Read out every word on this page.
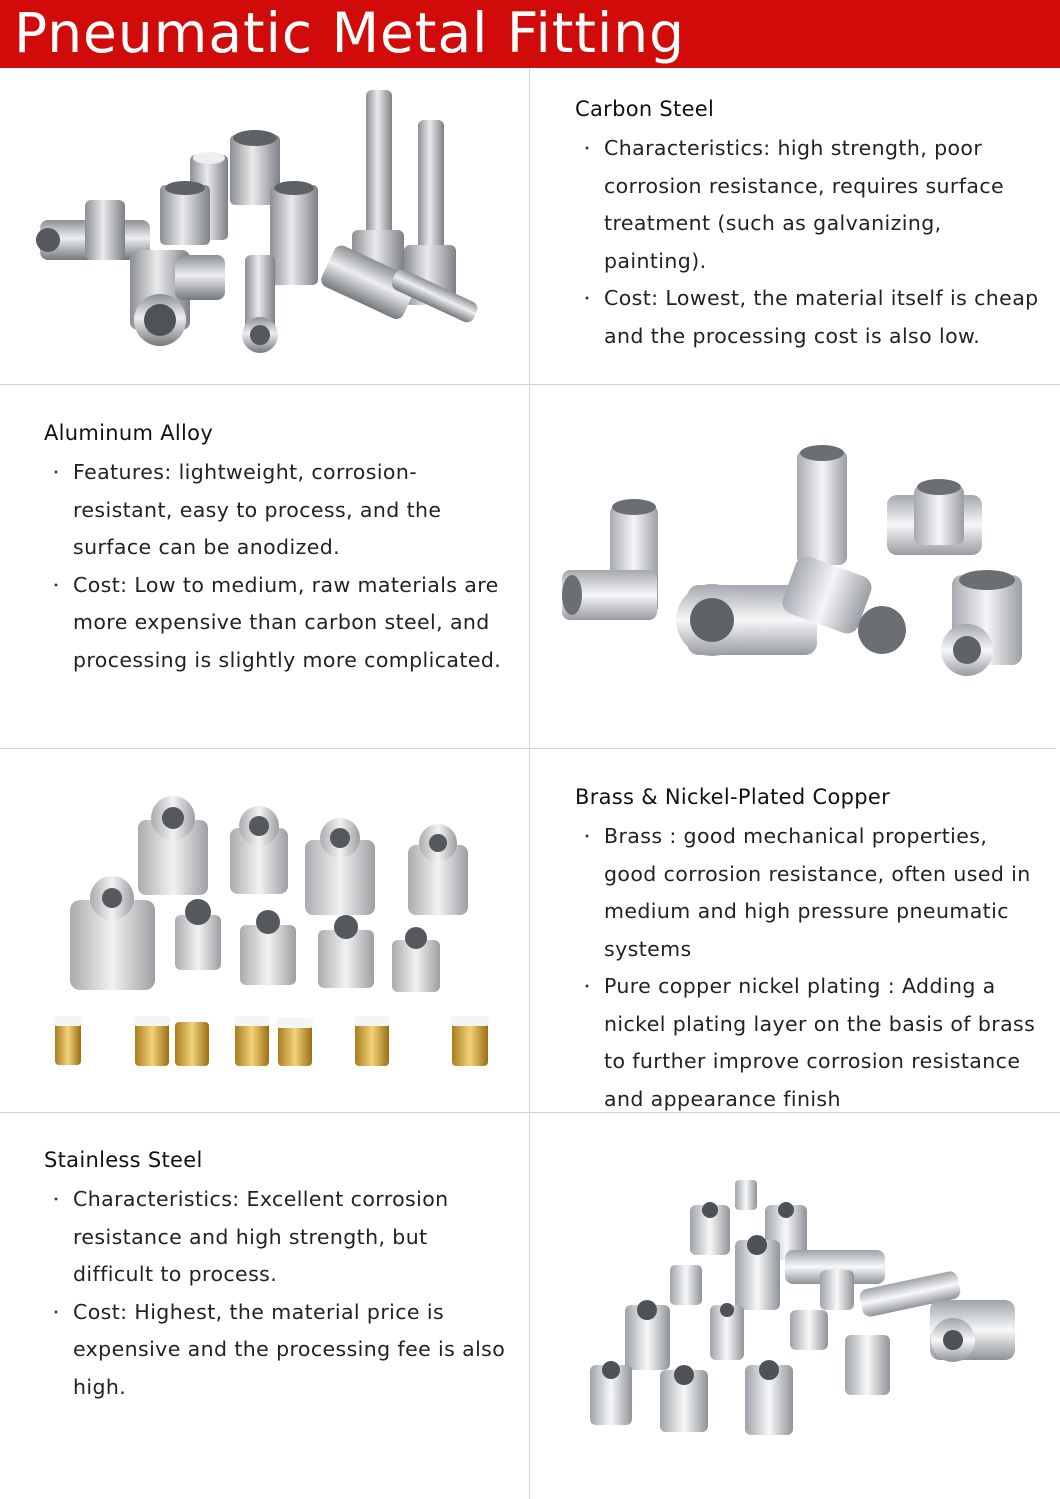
Pneumatic Metal Fitting
Carbon Steel
・ Characteristics: high strength, poor corrosion resistance, requires surface treatment (such as galvanizing, painting).
・ Cost: Lowest, the material itself is cheap and the processing cost is also low.
Aluminum Alloy
・ Features: lightweight, corrosion-resistant, easy to process, and the surface can be anodized.
・ Cost: Low to medium, raw materials are more expensive than carbon steel, and processing is slightly more complicated.
Brass & Nickel-Plated Copper
・ Brass : good mechanical properties, good corrosion resistance, often used in medium and high pressure pneumatic systems
・ Pure copper nickel plating : Adding a nickel plating layer on the basis of brass to further improve corrosion resistance and appearance finish
Stainless Steel
・ Characteristics: Excellent corrosion resistance and high strength, but difficult to process.
・ Cost: Highest, the material price is expensive and the processing fee is also high.
